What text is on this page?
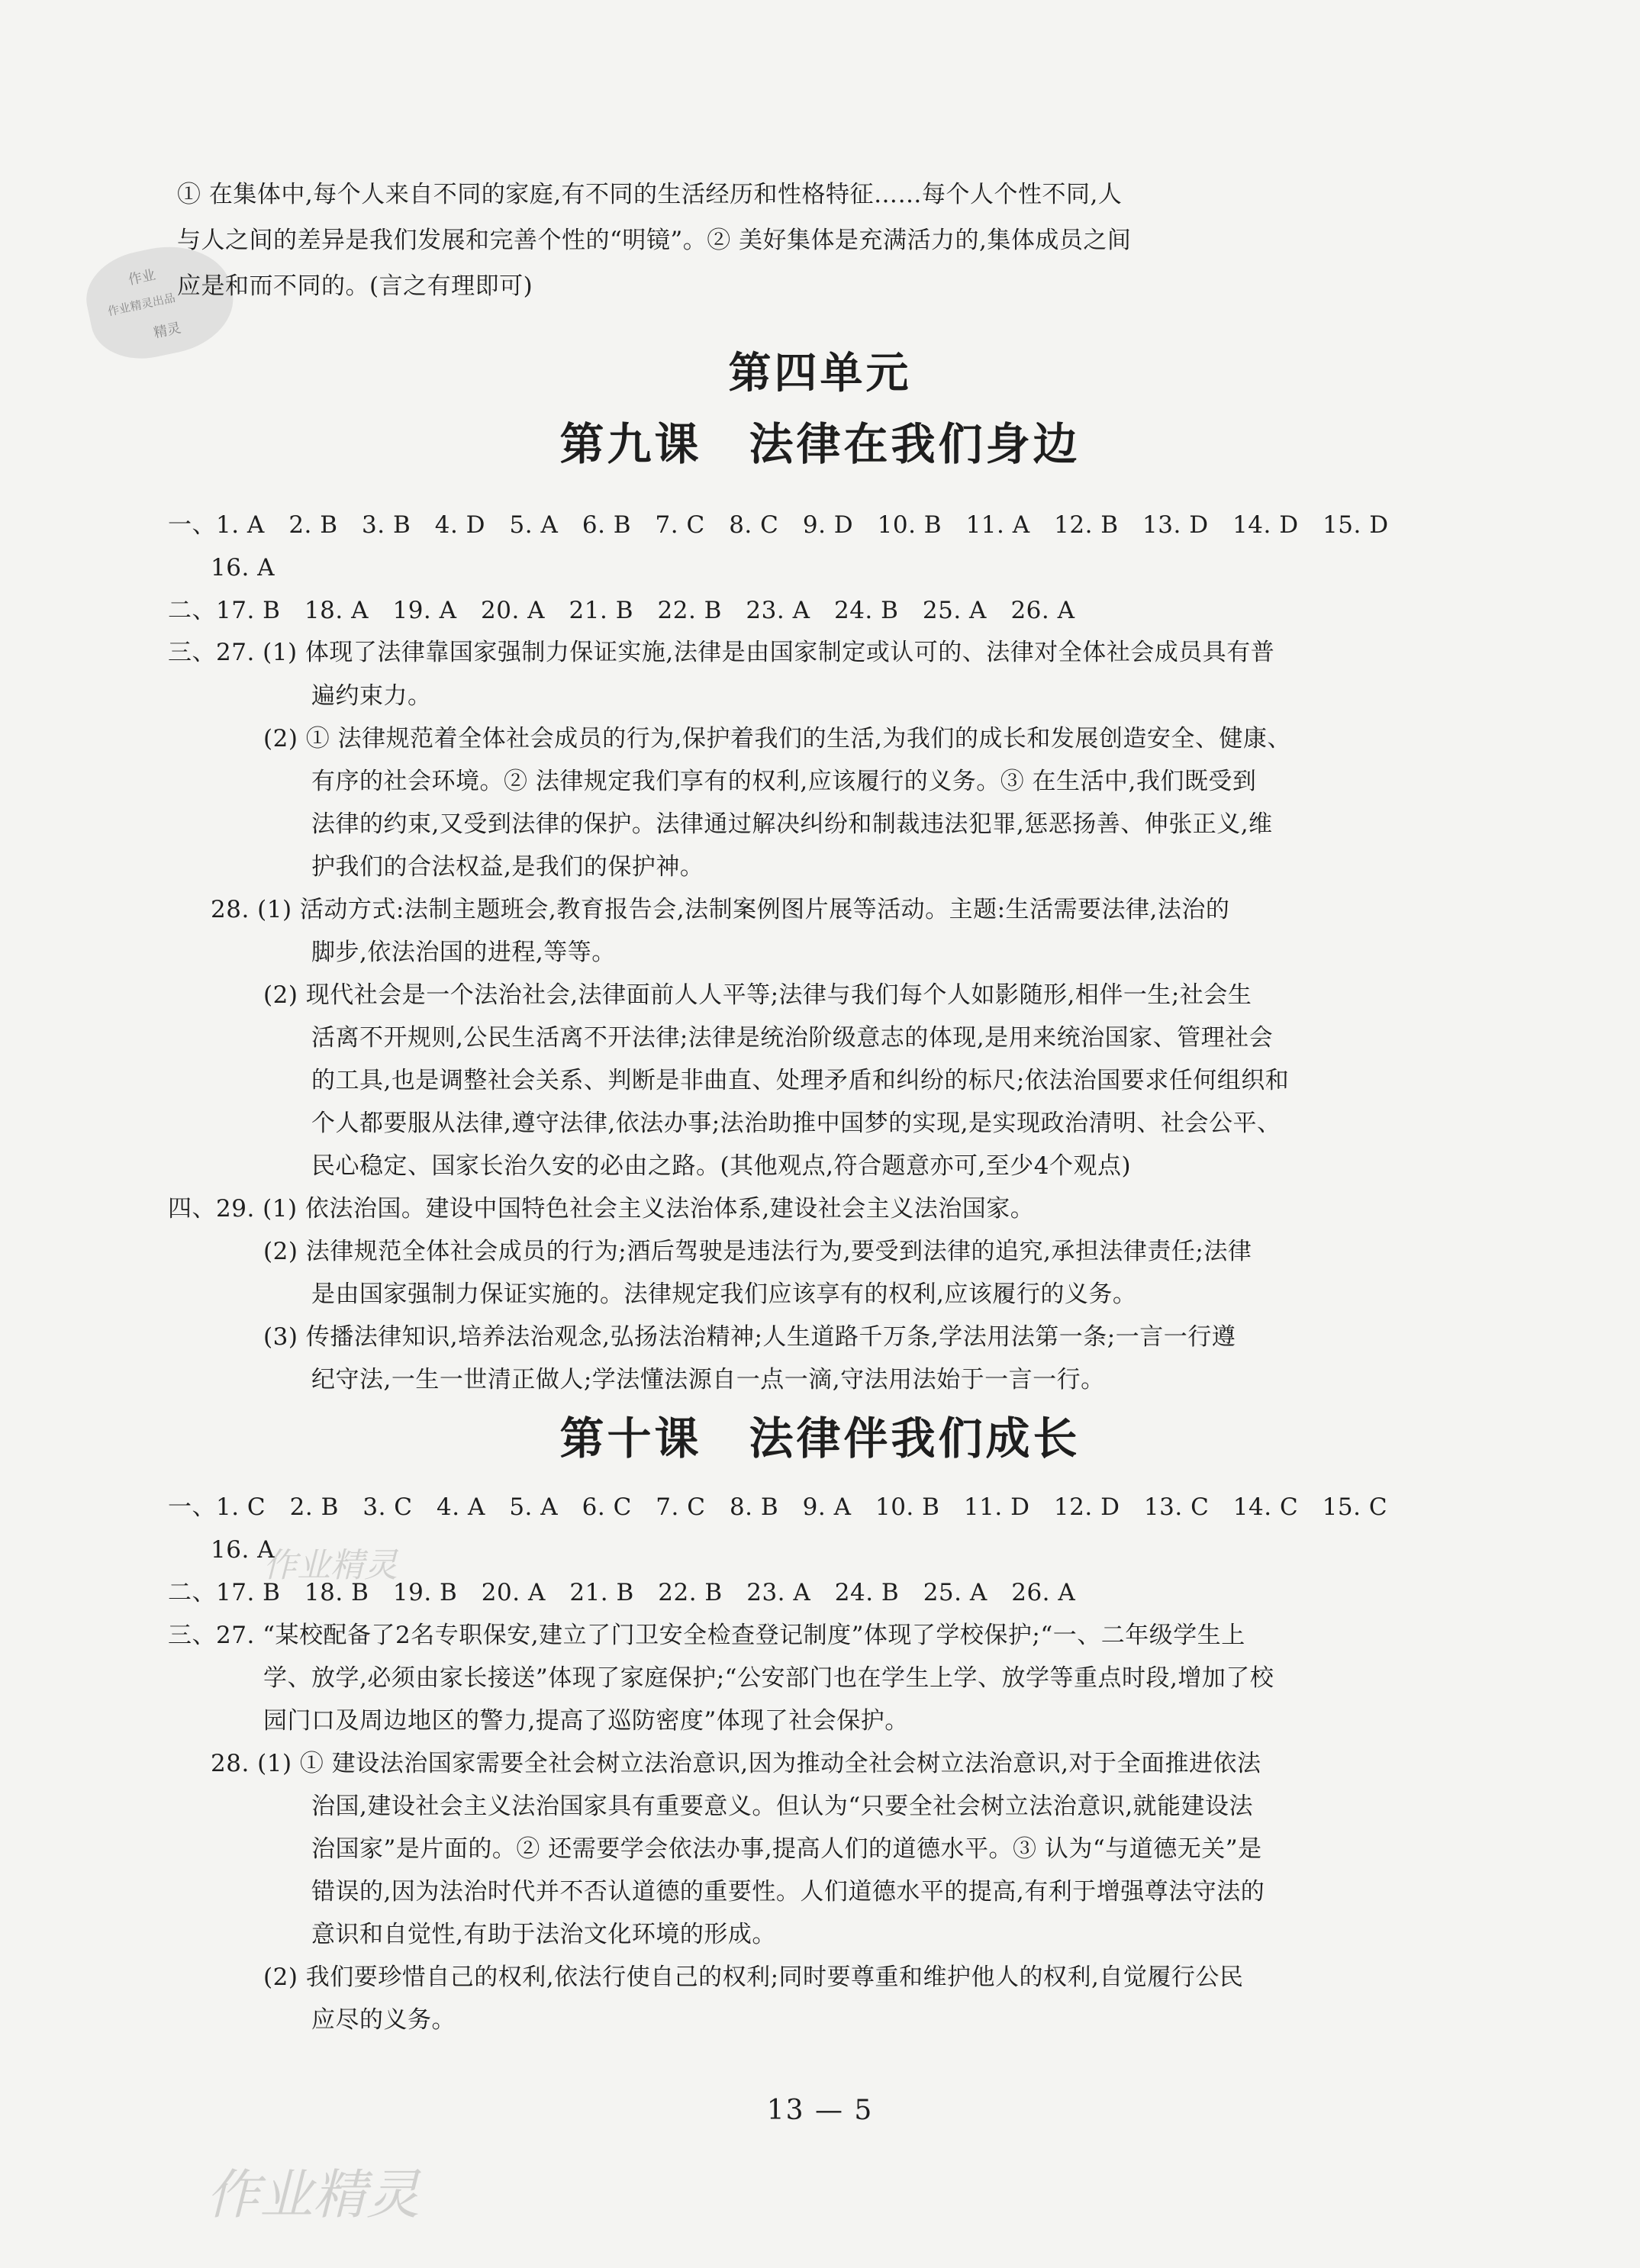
作业
作业精灵出品
精灵
① 在集体中,每个人来自不同的家庭,有不同的生活经历和性格特征……每个人个性不同,人
与人之间的差异是我们发展和完善个性的“明镜”。② 美好集体是充满活力的,集体成员之间
应是和而不同的。(言之有理即可)
第四单元
第九课　法律在我们身边
一、1. A　2. B　3. B　4. D　5. A　6. B　7. C　8. C　9. D　10. B　11. A　12. B　13. D　14. D　15. D
16. A
二、17. B　18. A　19. A　20. A　21. B　22. B　23. A　24. B　25. A　26. A
三、27. (1) 体现了法律靠国家强制力保证实施,法律是由国家制定或认可的、法律对全体社会成员具有普
遍约束力。
(2) ① 法律规范着全体社会成员的行为,保护着我们的生活,为我们的成长和发展创造安全、健康、
有序的社会环境。② 法律规定我们享有的权利,应该履行的义务。③ 在生活中,我们既受到
法律的约束,又受到法律的保护。法律通过解决纠纷和制裁违法犯罪,惩恶扬善、伸张正义,维
护我们的合法权益,是我们的保护神。
28. (1) 活动方式:法制主题班会,教育报告会,法制案例图片展等活动。主题:生活需要法律,法治的
脚步,依法治国的进程,等等。
(2) 现代社会是一个法治社会,法律面前人人平等;法律与我们每个人如影随形,相伴一生;社会生
活离不开规则,公民生活离不开法律;法律是统治阶级意志的体现,是用来统治国家、管理社会
的工具,也是调整社会关系、判断是非曲直、处理矛盾和纠纷的标尺;依法治国要求任何组织和
个人都要服从法律,遵守法律,依法办事;法治助推中国梦的实现,是实现政治清明、社会公平、
民心稳定、国家长治久安的必由之路。(其他观点,符合题意亦可,至少4个观点)
四、29. (1) 依法治国。建设中国特色社会主义法治体系,建设社会主义法治国家。
(2) 法律规范全体社会成员的行为;酒后驾驶是违法行为,要受到法律的追究,承担法律责任;法律
是由国家强制力保证实施的。法律规定我们应该享有的权利,应该履行的义务。
(3) 传播法律知识,培养法治观念,弘扬法治精神;人生道路千万条,学法用法第一条;一言一行遵
纪守法,一生一世清正做人;学法懂法源自一点一滴,守法用法始于一言一行。
第十课　法律伴我们成长
一、1. C　2. B　3. C　4. A　5. A　6. C　7. C　8. B　9. A　10. B　11. D　12. D　13. C　14. C　15. C
16. A
二、17. B　18. B　19. B　20. A　21. B　22. B　23. A　24. B　25. A　26. A
三、27. “某校配备了2名专职保安,建立了门卫安全检查登记制度”体现了学校保护;“一、二年级学生上
学、放学,必须由家长接送”体现了家庭保护;“公安部门也在学生上学、放学等重点时段,增加了校
园门口及周边地区的警力,提高了巡防密度”体现了社会保护。
28. (1) ① 建设法治国家需要全社会树立法治意识,因为推动全社会树立法治意识,对于全面推进依法
治国,建设社会主义法治国家具有重要意义。但认为“只要全社会树立法治意识,就能建设法
治国家”是片面的。② 还需要学会依法办事,提高人们的道德水平。③ 认为“与道德无关”是
错误的,因为法治时代并不否认道德的重要性。人们道德水平的提高,有利于增强尊法守法的
意识和自觉性,有助于法治文化环境的形成。
(2) 我们要珍惜自己的权利,依法行使自己的权利;同时要尊重和维护他人的权利,自觉履行公民
应尽的义务。
13 — 5
作业精灵
作业精灵
